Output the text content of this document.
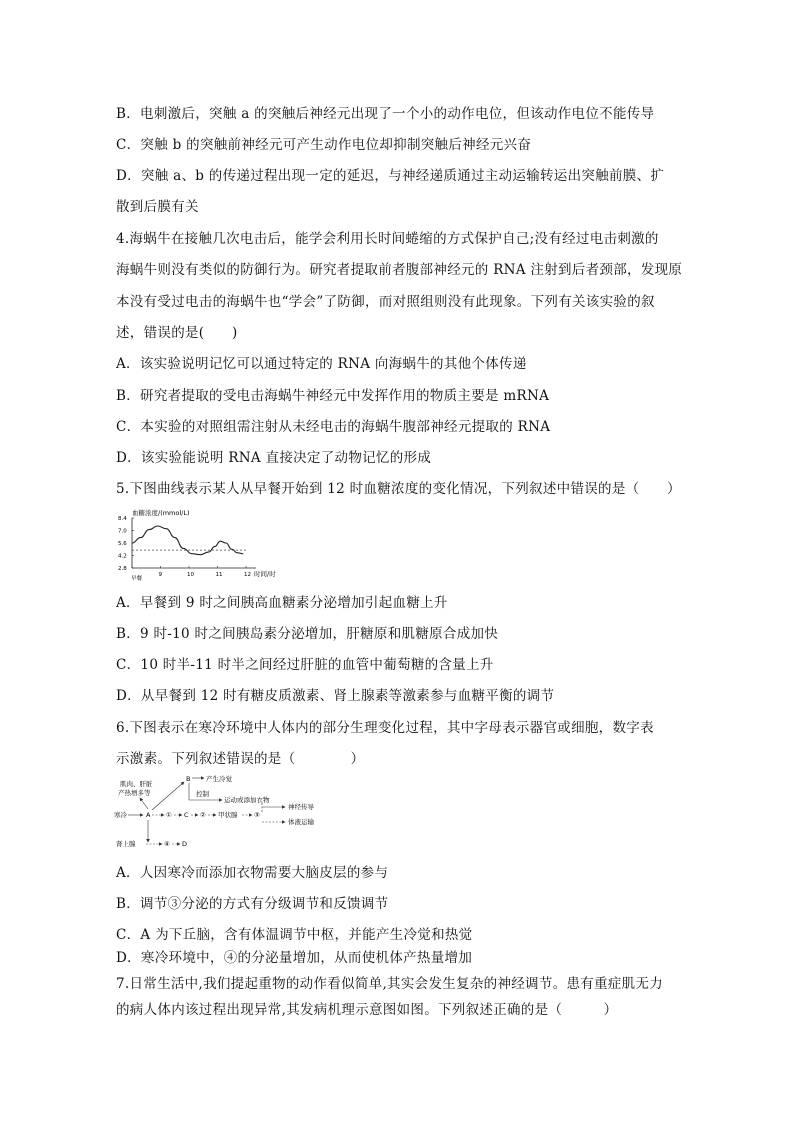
B．电刺激后，突触 a 的突触后神经元出现了一个小的动作电位，但该动作电位不能传导
C．突触 b 的突触前神经元可产生动作电位却抑制突触后神经元兴奋
D．突触 a、b 的传递过程出现一定的延迟，与神经递质通过主动运输转运出突触前膜、扩
散到后膜有关
4.海蜗牛在接触几次电击后，能学会利用长时间蜷缩的方式保护自己;没有经过电击刺激的
海蜗牛则没有类似的防御行为。研究者提取前者腹部神经元的 RNA 注射到后者颈部，发现原
本没有受过电击的海蜗牛也“学会”了防御，而对照组则没有此现象。下列有关该实验的叙
述，错误的是(　　)
A．该实验说明记忆可以通过特定的 RNA 向海蜗牛的其他个体传递
B．研究者提取的受电击海蜗牛神经元中发挥作用的物质主要是 mRNA
C．本实验的对照组需注射从未经电击的海蜗牛腹部神经元提取的 RNA
D．该实验能说明 RNA 直接决定了动物记忆的形成
5.下图曲线表示某人从早餐开始到 12 时血糖浓度的变化情况，下列叙述中错误的是（　　）
血糖浓度/(mmol/L)
8.4
7.0
5.6
4.2
2.8
早餐
9	10	11	12 时间/时
A．早餐到 9 时之间胰高血糖素分泌增加引起血糖上升
B．9 时-10 时之间胰岛素分泌增加，肝糖原和肌糖原合成加快
C．10 时半-11 时半之间经过肝脏的血管中葡萄糖的含量上升
D．从早餐到 12 时有糖皮质激素、肾上腺素等激素参与血糖平衡的调节
6.下图表示在寒冷环境中人体内的部分生理变化过程，其中字母表示器官或细胞，数字表
示激素。下列叙述错误的是（　　　　）
肌肉、肝脏
产热增多等
B 产生冷觉
控制
运动或添加衣物
寒冷	A ① C ② 甲状腺	③
神经传导
体液运输
肾上腺	④ D
A．人因寒冷而添加衣物需要大脑皮层的参与
B．调节③分泌的方式有分级调节和反馈调节
C．A 为下丘脑，含有体温调节中枢，并能产生冷觉和热觉
D．寒冷环境中，④的分泌量增加，从而使机体产热量增加
7.日常生活中,我们提起重物的动作看似简单,其实会发生复杂的神经调节。患有重症肌无力
的病人体内该过程出现异常,其发病机理示意图如图。下列叙述正确的是（　　　）
